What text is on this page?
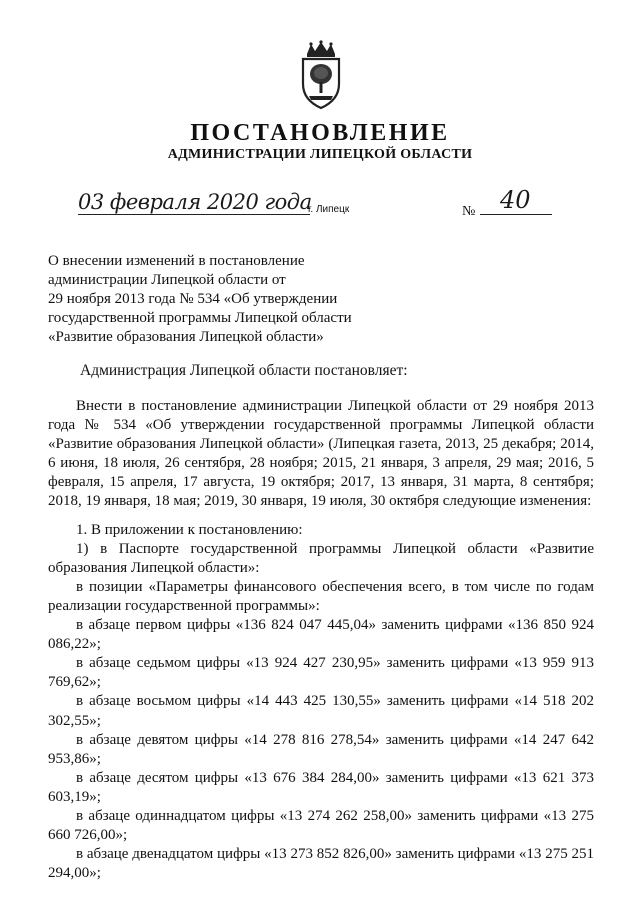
ПОСТАНОВЛЕНИЕ
АДМИНИСТРАЦИИ ЛИПЕЦКОЙ ОБЛАСТИ
03 февраля 2020 года
г. Липецк	№ 40
О внесении изменений в постановление
администрации Липецкой области от
29 ноября 2013 года № 534 «Об утверждении
государственной программы Липецкой области
«Развитие образования Липецкой области»
Администрация Липецкой области постановляет:

Внести в постановление администрации Липецкой области от 29 ноября 2013 года № 534 «Об утверждении государственной программы Липецкой области «Развитие образования Липецкой области» (Липецкая газета, 2013, 25 декабря; 2014, 6 июня, 18 июля, 26 сентября, 28 ноября; 2015, 21 января, 3 апреля, 29 мая; 2016, 5 февраля, 15 апреля, 17 августа, 19 октября; 2017, 13 января, 31 марта, 8 сентября; 2018, 19 января, 18 мая; 2019, 30 января, 19 июля, 30 октября следующие изменения:

1. В приложении к постановлению:

1) в Паспорте государственной программы Липецкой области «Развитие образования Липецкой области»:

в позиции «Параметры финансового обеспечения всего, в том числе по годам реализации государственной программы»:

в абзаце первом цифры «136 824 047 445,04» заменить цифрами «136 850 924 086,22»;

в абзаце седьмом цифры «13 924 427 230,95» заменить цифрами «13 959 913 769,62»;

в абзаце восьмом цифры «14 443 425 130,55» заменить цифрами «14 518 202 302,55»;

в абзаце девятом цифры «14 278 816 278,54» заменить цифрами «14 247 642 953,86»;

в абзаце десятом цифры «13 676 384 284,00» заменить цифрами «13 621 373 603,19»;

в абзаце одиннадцатом цифры «13 274 262 258,00» заменить цифрами «13 275 660 726,00»;

в абзаце двенадцатом цифры «13 273 852 826,00» заменить цифрами «13 275 251 294,00»;
